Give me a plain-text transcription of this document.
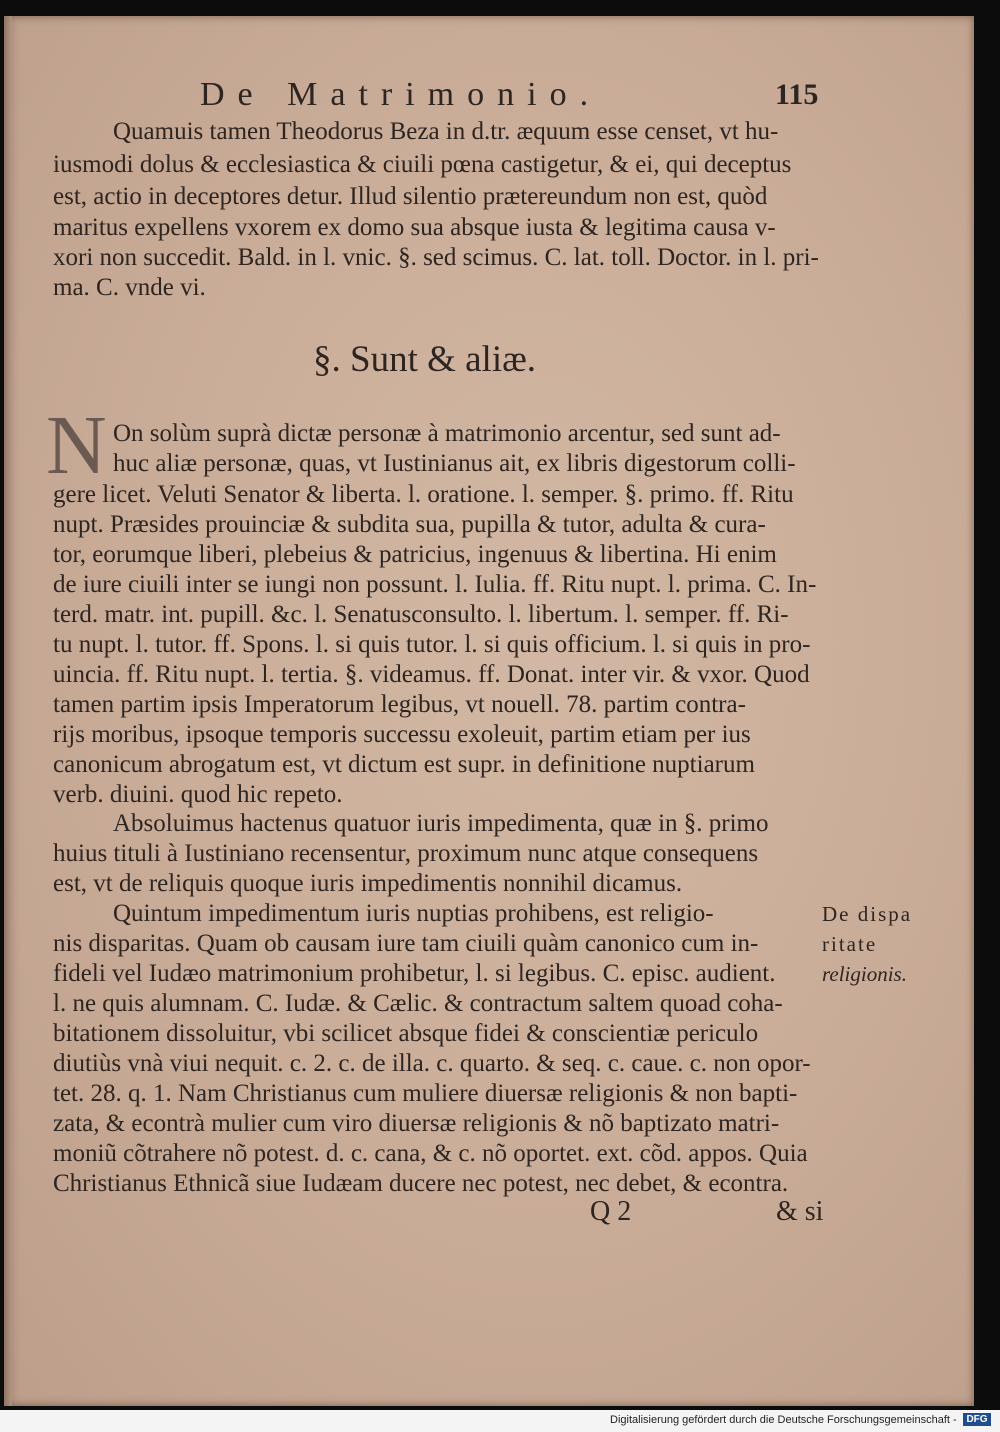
De Matrimonio.	115
Quamuis tamen Theodorus Beza in d.tr. æquum esse censet, vt hu-
iusmodi dolus & ecclesiastica & ciuili pœna castigetur, & ei, qui deceptus
est, actio in deceptores detur. Illud silentio prætereundum non est, quòd
maritus expellens vxorem ex domo sua absque iusta & legitima causa v-
xori non succedit. Bald. in l. vnic. §. sed scimus. C. lat. toll. Doctor. in l. pri-
ma. C. vnde vi.
§. Sunt & aliæ.
N On solùm suprà dictæ personæ à matrimonio arcentur, sed sunt ad-
huc aliæ personæ, quas, vt Iustinianus ait, ex libris digestorum colli-
gere licet. Veluti Senator & liberta. l. oratione. l. semper. §. primo. ff. Ritu
nupt. Præsides prouinciæ & subdita sua, pupilla & tutor, adulta & cura-
tor, eorumque liberi, plebeius & patricius, ingenuus & libertina. Hi enim
de iure ciuili inter se iungi non possunt. l. Iulia. ff. Ritu nupt. l. prima. C. In-
terd. matr. int. pupill. &c. l. Senatusconsulto. l. libertum. l. semper. ff. Ri-
tu nupt. l. tutor. ff. Spons. l. si quis tutor. l. si quis officium. l. si quis in pro-
uincia. ff. Ritu nupt. l. tertia. §. videamus. ff. Donat. inter vir. & vxor. Quod
tamen partim ipsis Imperatorum legibus, vt nouell. 78. partim contra-
rijs moribus, ipsoque temporis successu exoleuit, partim etiam per ius
canonicum abrogatum est, vt dictum est supr. in definitione nuptiarum
verb. diuini. quod hic repeto.
Absoluimus hactenus quatuor iuris impedimenta, quæ in §. primo
huius tituli à Iustiniano recensentur, proximum nunc atque consequens
est, vt de reliquis quoque iuris impedimentis nonnihil dicamus.
Quintum impedimentum iuris nuptias prohibens, est religio-
nis disparitas. Quam ob causam iure tam ciuili quàm canonico cum in-
fideli vel Iudæo matrimonium prohibetur, l. si legibus. C. episc. audient.
l. ne quis alumnam. C. Iudæ. & Cælic. & contractum saltem quoad coha-
bitationem dissoluitur, vbi scilicet absque fidei & conscientiæ periculo
diutiùs vnà viui nequit. c. 2. c. de illa. c. quarto. & seq. c. caue. c. non opor-
tet. 28. q. 1. Nam Christianus cum muliere diuersæ religionis & non bapti-
zata, & econtrà mulier cum viro diuersæ religionis & nõ baptizato matri-
moniũ cõtrahere nõ potest. d. c. cana, & c. nõ oportet. ext. cõd. appos. Quia
Christianus Ethnicã siue Iudæam ducere nec potest, nec debet, & econtra.
De dispa
ritate
religionis.
Q 2	& si
Digitalisierung gefördert durch die Deutsche Forschungsgemeinschaft - DFG
